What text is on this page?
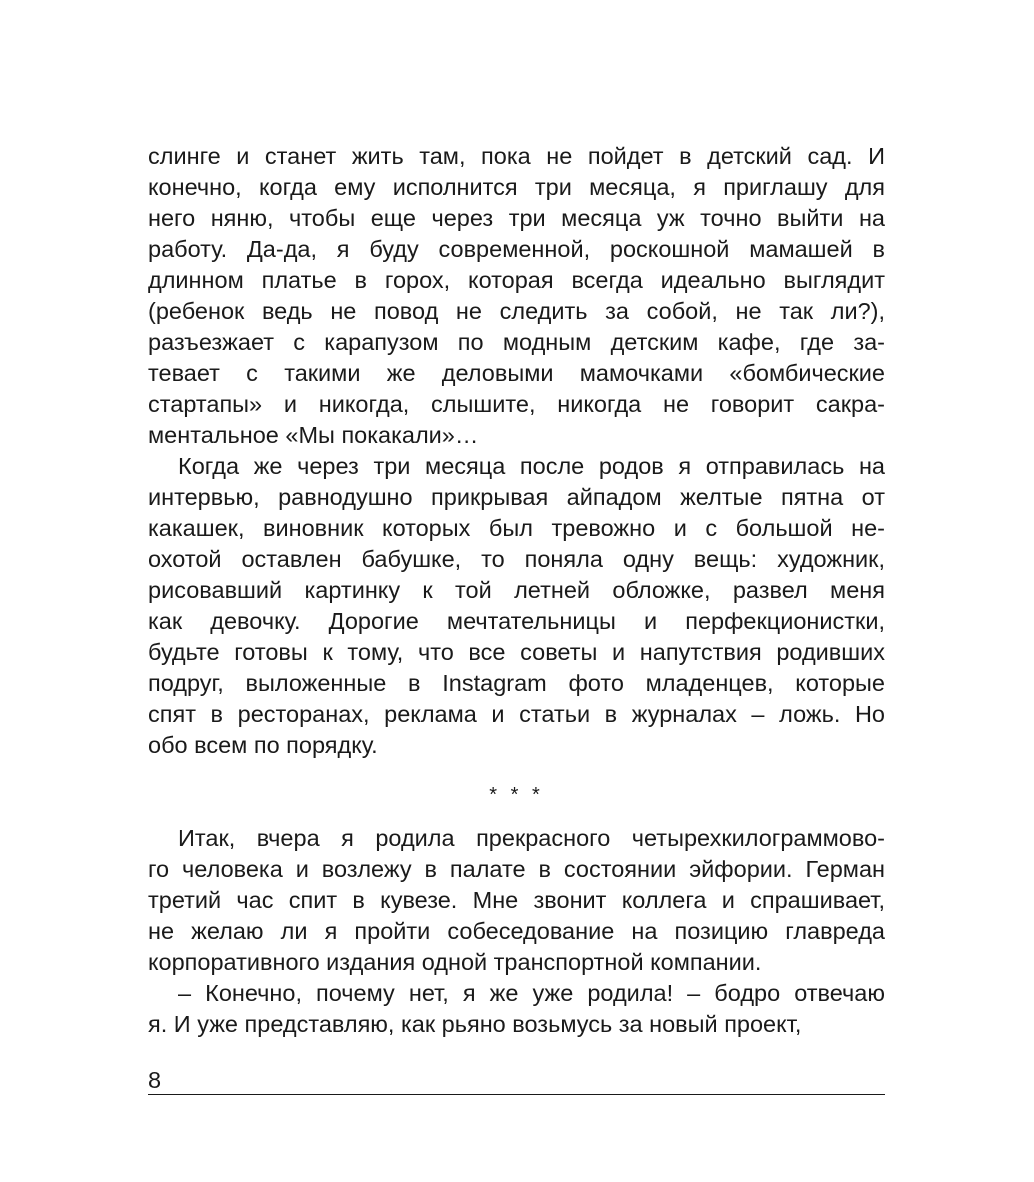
слинге и станет жить там, пока не пойдет в детский сад. И
конечно, когда ему исполнится три месяца, я приглашу для
него няню, чтобы еще через три месяца уж точно выйти на
работу. Да-да, я буду современной, роскошной мамашей в
длинном платье в горох, которая всегда идеально выглядит
(ребенок ведь не повод не следить за собой, не так ли?),
разъезжает с карапузом по модным детским кафе, где за-
тевает с такими же деловыми мамочками «бомбические
стартапы» и никогда, слышите, никогда не говорит сакра-
ментальное «Мы покакали»…
Когда же через три месяца после родов я отправилась на
интервью, равнодушно прикрывая айпадом желтые пятна от
какашек, виновник которых был тревожно и с большой не-
охотой оставлен бабушке, то поняла одну вещь: художник,
рисовавший картинку к той летней обложке, развел меня
как девочку. Дорогие мечтательницы и перфекционистки,
будьте готовы к тому, что все советы и напутствия родивших
подруг, выложенные в Instagram фото младенцев, которые
спят в ресторанах, реклама и статьи в журналах – ложь. Но
обо всем по порядку.
* * *
Итак, вчера я родила прекрасного четырехкилограммово-
го человека и возлежу в палате в состоянии эйфории. Герман
третий час спит в кувезе. Мне звонит коллега и спрашивает,
не желаю ли я пройти собеседование на позицию главреда
корпоративного издания одной транспортной компании.
– Конечно, почему нет, я же уже родила! – бодро отвечаю
я. И уже представляю, как рьяно возьмусь за новый проект,
8
